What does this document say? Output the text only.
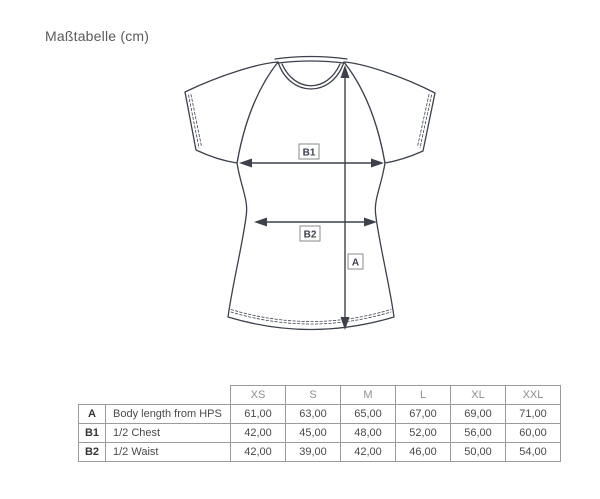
Maßtabelle (cm)
B1
B2
A
		XS	S	M	L	XL	XXL
A	Body length from HPS	61,00	63,00	65,00	67,00	69,00	71,00
B1	1/2 Chest	42,00	45,00	48,00	52,00	56,00	60,00
B2	1/2 Waist	42,00	39,00	42,00	46,00	50,00	54,00
